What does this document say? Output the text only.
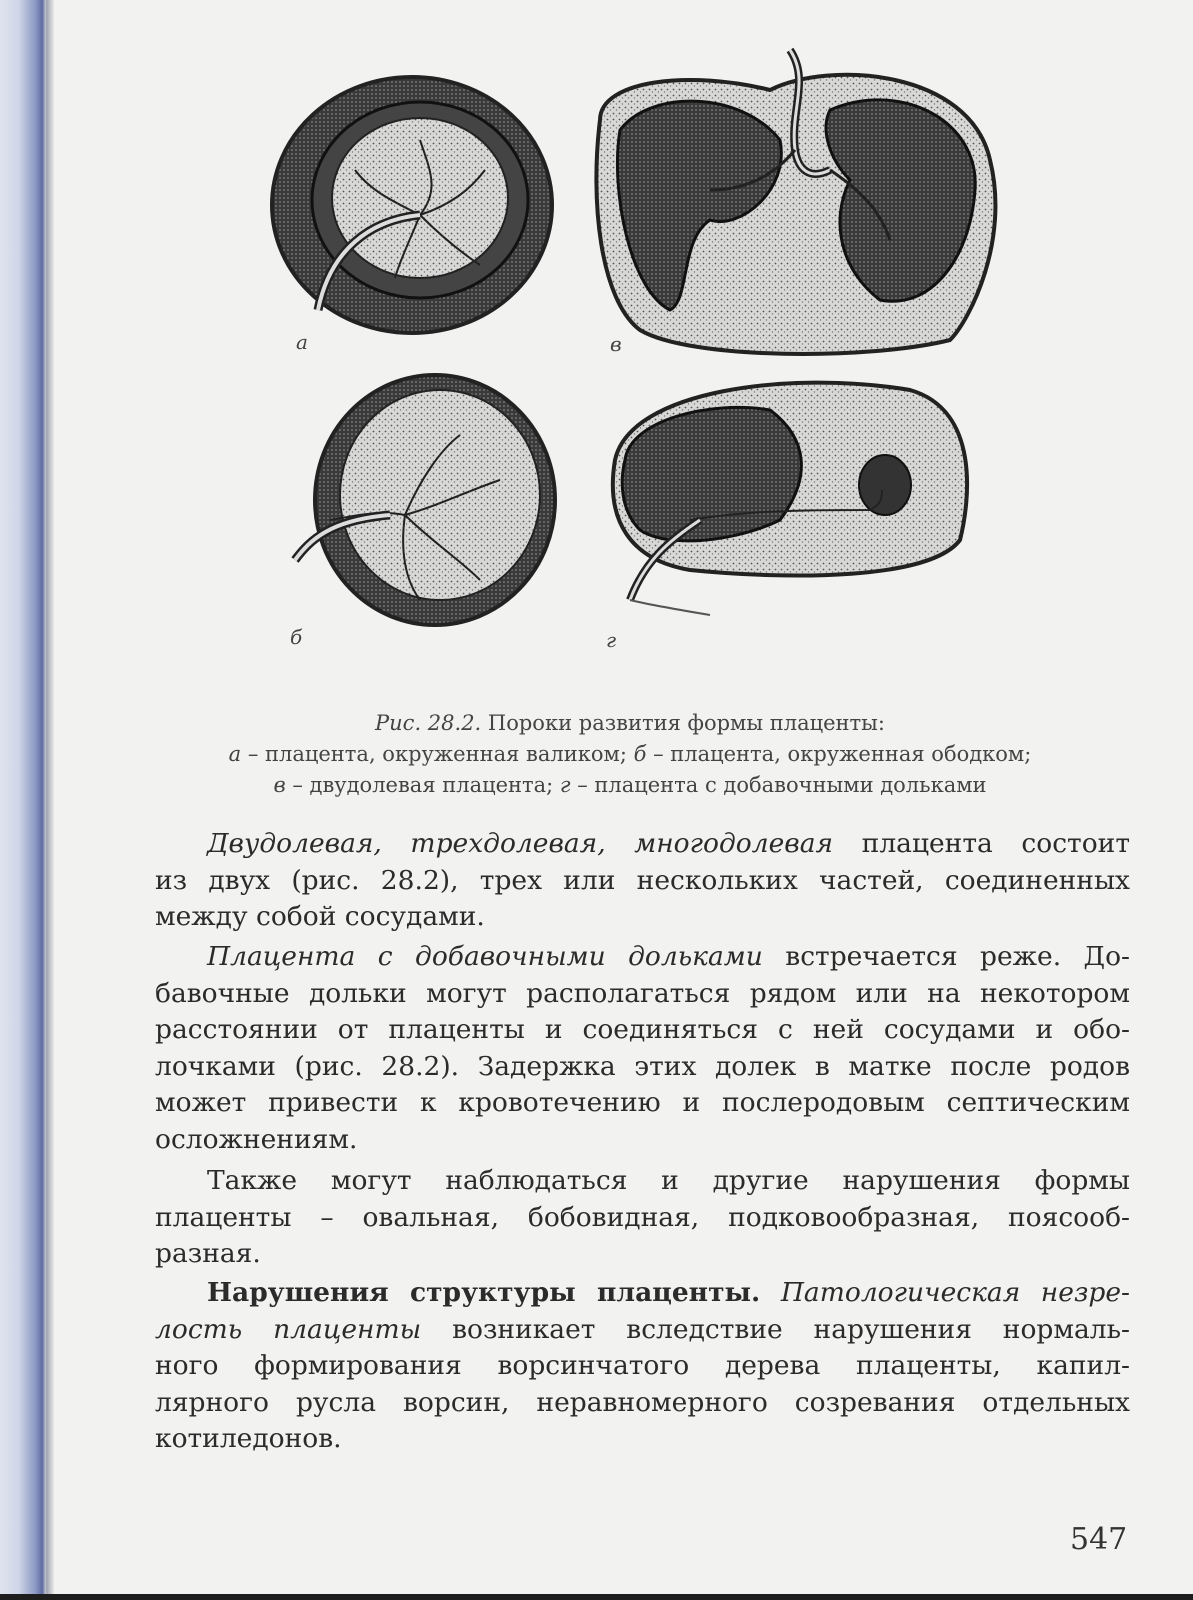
а	в
б	г
Рис. 28.2. Пороки развития формы плаценты:
а – плацента, окруженная валиком; б – плацента, окруженная ободком;
в – двудолевая плацента; г – плацента с добавочными дольками
Двудолевая, трехдолевая, многодолевая плацента состоит
из двух (рис. 28.2), трех или нескольких частей, соединенных
между собой сосудами.
Плацента с добавочными дольками встречается реже. До-
бавочные дольки могут располагаться рядом или на некотором
расстоянии от плаценты и соединяться с ней сосудами и обо-
лочками (рис. 28.2). Задержка этих долек в матке после родов
может привести к кровотечению и послеродовым септическим
осложнениям.
Также могут наблюдаться и другие нарушения формы
плаценты – овальная, бобовидная, подковообразная, поясооб-
разная.
Нарушения структуры плаценты. Патологическая незре-
лость плаценты возникает вследствие нарушения нормаль-
ного формирования ворсинчатого дерева плаценты, капил-
лярного русла ворсин, неравномерного созревания отдельных
котиледонов.
547
